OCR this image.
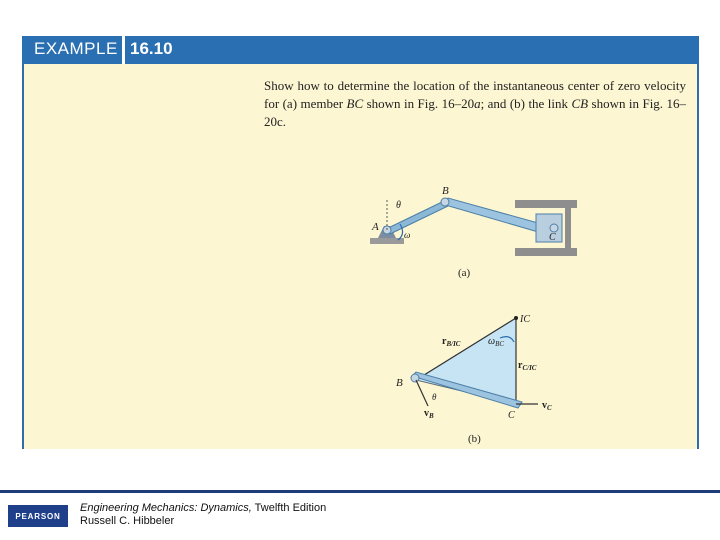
EXAMPLE 16.10
Show how to determine the location of the instantaneous center of zero velocity for (a) member BC shown in Fig. 16–20a; and (b) the link CB shown in Fig. 16–20c.
B
A
C
θ
ω
(a)
IC
$r_{B/IC}$	$\omega_{BC}$
$r_{C/IC}$
B
θ
$v_B$	C
$v_C$
(b)
PEARSON
Engineering Mechanics: Dynamics, Twelfth Edition
Russell C. Hibbeler
